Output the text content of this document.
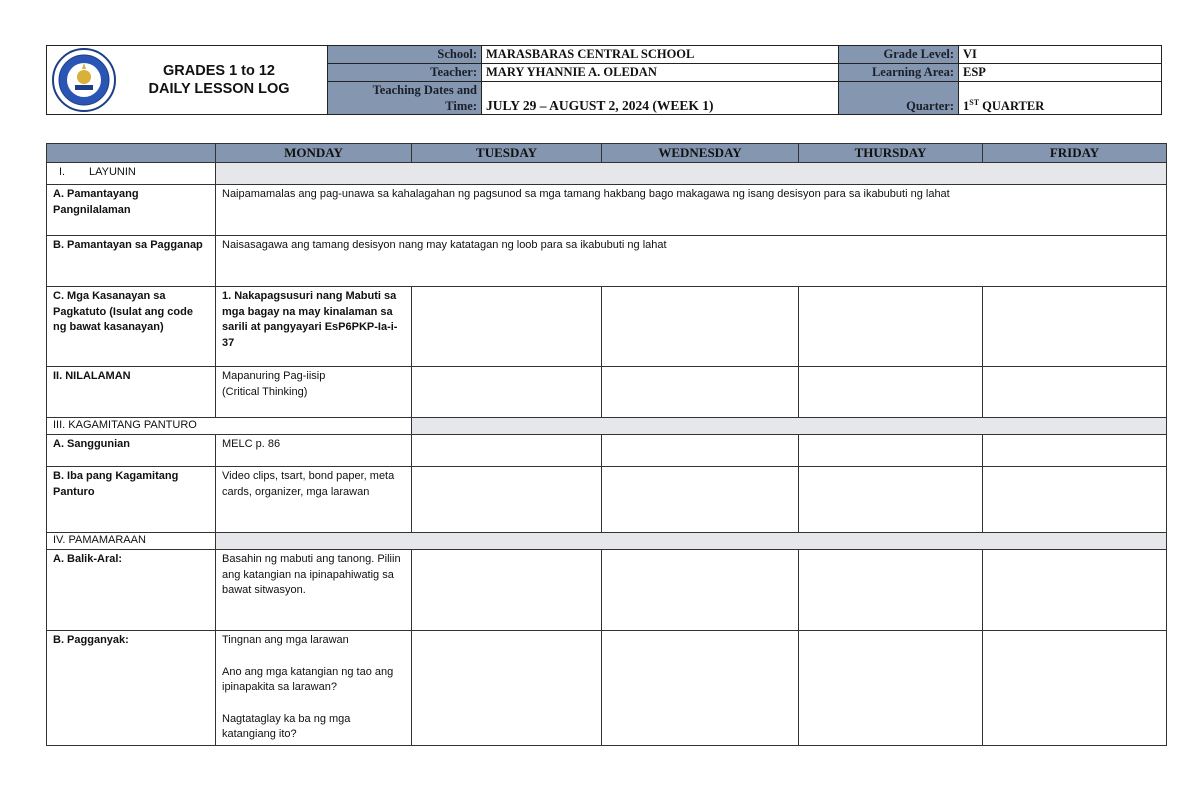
GRADES 1 to 12
DAILY LESSON LOG	School:	MARASBARAS CENTRAL SCHOOL	Grade Level:	VI
	Teacher:	MARY YHANNIE A. OLEDAN	Learning Area:	ESP

	Teaching Dates and
Time:	JULY 29 – AUGUST 2, 2024 (WEEK 1)	Quarter:	1ST QUARTER
	MONDAY	TUESDAY	WEDNESDAY	THURSDAY	FRIDAY
I. LAYUNIN					
A. Pamantayang Pangnilalaman	Naipamamalas ang pag-unawa sa kahalagahan ng pagsunod sa mga tamang hakbang bago makagawa ng isang desisyon para sa ikabubuti ng lahat				
B. Pamantayan sa Pagganap	Naisasagawa ang tamang desisyon nang may katatagan ng loob para sa ikabubuti ng lahat				
C. Mga Kasanayan sa Pagkatuto (Isulat ang code ng bawat kasanayan)	1. Nakapagsusuri nang Mabuti sa mga bagay na may kinalaman sa sarili at pangyayari EsP6PKP-Ia-i-37				
II. NILALAMAN	Mapanuring Pag-iisip
(Critical Thinking)				

III. KAGAMITANG PANTURO					
A. Sanggunian	MELC p. 86				
B. Iba pang Kagamitang Panturo	Video clips, tsart, bond paper, meta cards, organizer, mga larawan				
IV. PAMAMARAAN					
A. Balik-Aral:	Basahin ng mabuti ang tanong. Piliin ang katangian na ipinapahiwatig sa bawat sitwasyon.				
B. Pagganyak:	Tingnan ang mga larawan
Ano ang mga katangian ng tao ang ipinapakita sa larawan?
Nagtataglay ka ba ng mga katangiang ito?				
